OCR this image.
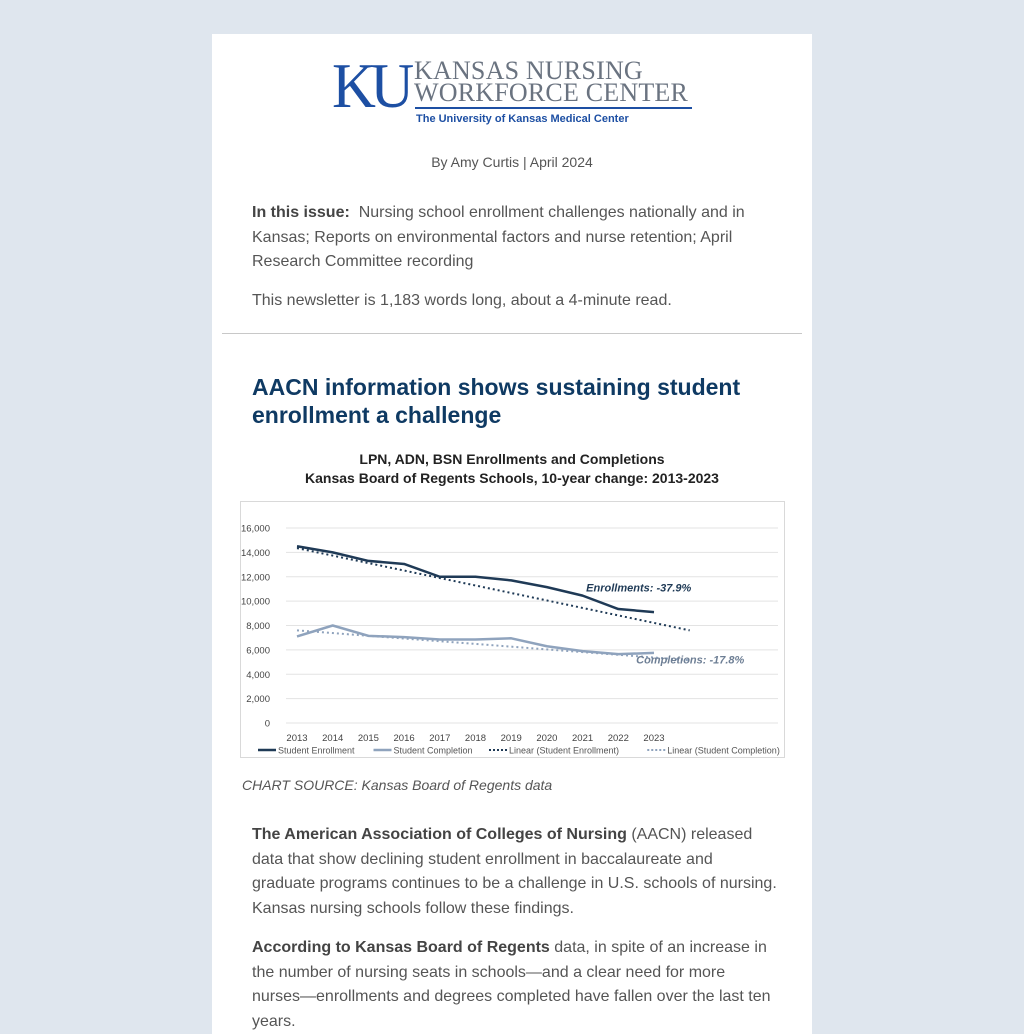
KU KANSAS NURSING
WORKFORCE CENTER
The University of Kansas Medical Center
By Amy Curtis | April 2024

In this issue: Nursing school enrollment challenges nationally and in Kansas; Reports on environmental factors and nurse retention; April Research Committee recording

This newsletter is 1,183 words long, about a 4-minute read.

AACN information shows sustaining student enrollment a challenge
LPN, ADN, BSN Enrollments and Completions
Kansas Board of Regents Schools, 10-year change: 2013-2023
0
2,000
4,000
6,000
8,000
10,000
12,000
14,000
16,000
2013 2014 2015 2016 2017 2018 2019 2020 2021 2022 2023
Enrollments: -37.9%
Completions: -17.8%
Student Enrollment	Student Completion	Linear (Student Enrollment)	Linear (Student Completion)
CHART SOURCE: Kansas Board of Regents data

The American Association of Colleges of Nursing (AACN) released data that show declining student enrollment in baccalaureate and graduate programs continues to be a challenge in U.S. schools of nursing. Kansas nursing schools follow these findings.

According to Kansas Board of Regents data, in spite of an increase in the number of nursing seats in schools—and a clear need for more nurses—enrollments and degrees completed have fallen over the last ten years.
